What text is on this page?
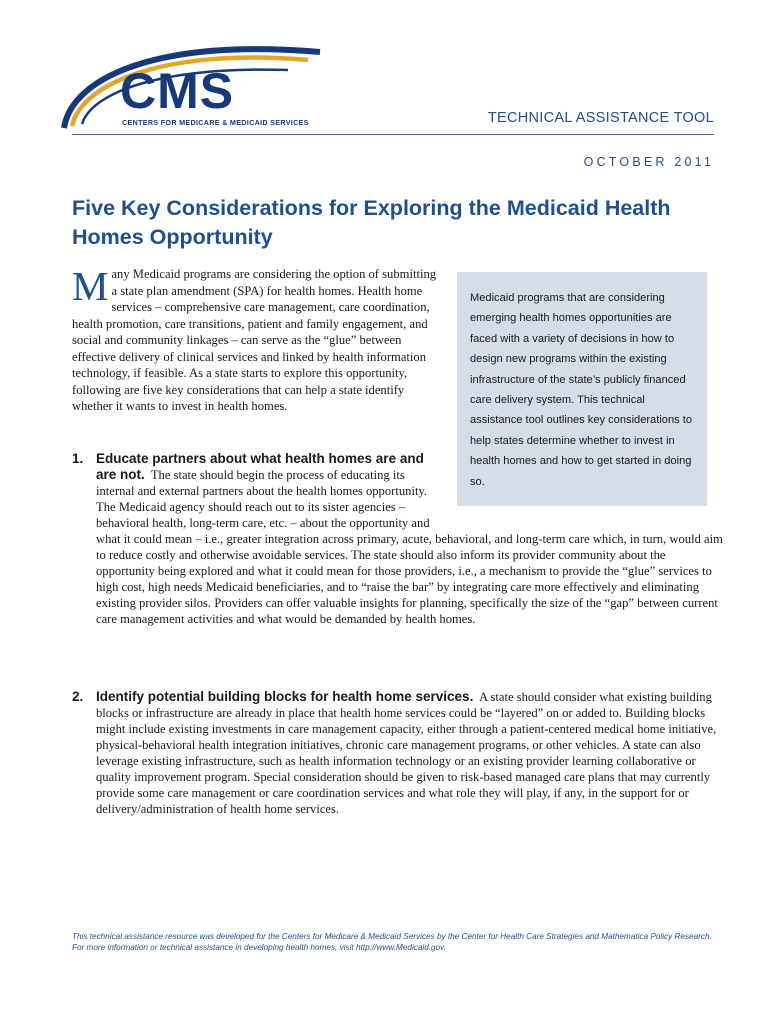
CMS
CENTERS FOR MEDICARE & MEDICAID SERVICES	TECHNICAL ASSISTANCE TOOL
OCTOBER 2011
Five Key Considerations for Exploring the Medicaid Health Homes Opportunity

Many Medicaid programs are considering the option of submitting a state plan amendment (SPA) for health homes. Health home services – comprehensive care management, care coordination, health promotion, care transitions, patient and family engagement, and social and community linkages – can serve as the “glue” between effective delivery of clinical services and linked by health information technology, if feasible. As a state starts to explore this opportunity, following are five key considerations that can help a state identify whether it wants to invest in health homes.

Medicaid programs that are considering emerging health homes opportunities are faced with a variety of decisions in how to design new programs within the existing infrastructure of the state’s publicly financed care delivery system. This technical assistance tool outlines key considerations to help states determine whether to invest in health homes and how to get started in doing so.

1. Educate partners about what health homes are and are not. The state should begin the process of educating its internal and external partners about the health homes opportunity. The Medicaid agency should reach out to its sister agencies – behavioral health, long-term care, etc. – about the opportunity and
what it could mean – i.e., greater integration across primary, acute, behavioral, and long-term care which, in turn, would aim to reduce costly and otherwise avoidable services. The state should also inform its provider community about the opportunity being explored and what it could mean for those providers, i.e., a mechanism to provide the “glue” services to high cost, high needs Medicaid beneficiaries, and to “raise the bar” by integrating care more effectively and eliminating existing provider silos. Providers can offer valuable insights for planning, specifically the size of the “gap” between current care management activities and what would be demanded by health homes.
2. Identify potential building blocks for health home services. A state should consider what existing building blocks or infrastructure are already in place that health home services could be “layered” on or added to. Building blocks might include existing investments in care management capacity, either through a patient-centered medical home initiative, physical-behavioral health integration initiatives, chronic care management programs, or other vehicles. A state can also leverage existing infrastructure, such as health information technology or an existing provider learning collaborative or quality improvement program. Special consideration should be given to risk-based managed care plans that may currently provide some care management or care coordination services and what role they will play, if any, in the support for or delivery/administration of health home services.

This technical assistance resource was developed for the Centers for Medicare & Medicaid Services by the Center for Health Care Strategies and Mathematica Policy Research. For more information or technical assistance in developing health homes, visit http://www.Medicaid.gov.
